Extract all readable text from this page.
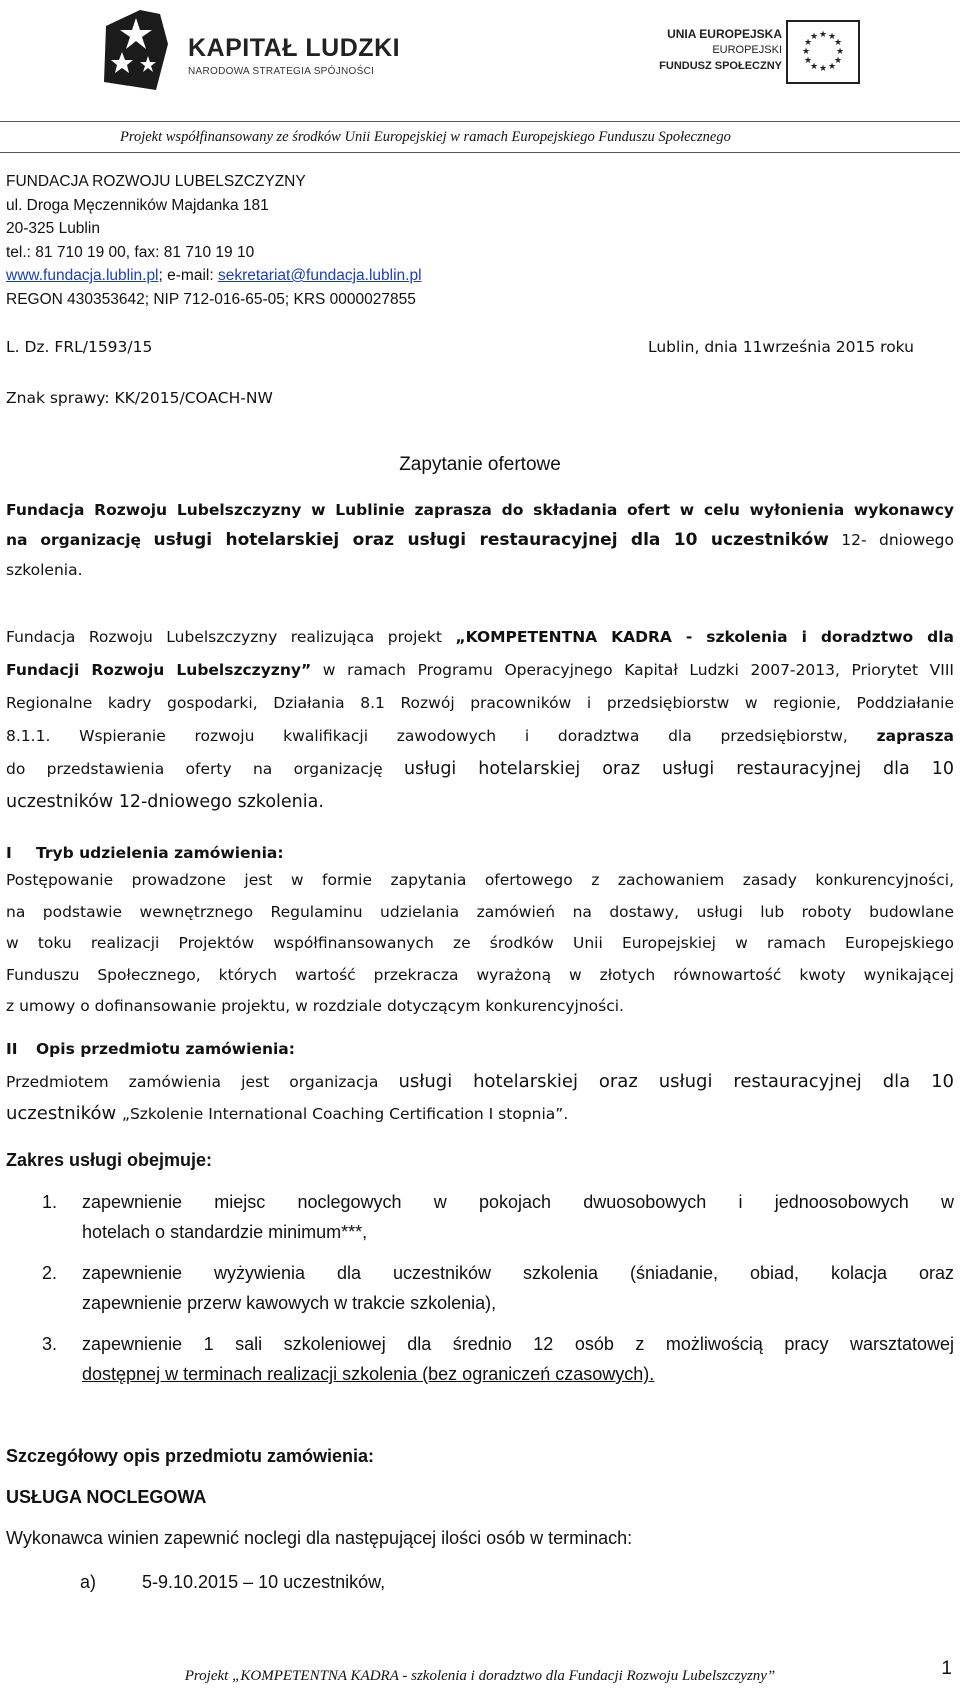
KAPITAŁ LUDZKI
NARODOWA STRATEGIA SPÓJNOŚCI
UNIA EUROPEJSKA
EUROPEJSKI
FUNDUSZ SPOŁECZNY
★ ★
★
★
★
★
★
★
★
★
★
★
Projekt współfinansowany ze środków Unii Europejskiej w ramach Europejskiego Funduszu Społecznego
FUNDACJA ROZWOJU LUBELSZCZYZNY
ul. Droga Męczenników Majdanka 181
20-325 Lublin
tel.: 81 710 19 00, fax: 81 710 19 10
www.fundacja.lublin.pl; e-mail: sekretariat@fundacja.lublin.pl
REGON 430353642; NIP 712-016-65-05; KRS 0000027855
L. Dz. FRL/1593/15	Lublin, dnia 11września 2015 roku
Znak sprawy: KK/2015/COACH-NW
Zapytanie ofertowe
Fundacja Rozwoju Lubelszczyzny w Lublinie zaprasza do składania ofert w celu wyłonienia wykonawcy
na organizację usługi hotelarskiej oraz usługi restauracyjnej dla 10 uczestników 12- dniowego
szkolenia.
Fundacja Rozwoju Lubelszczyzny realizująca projekt „KOMPETENTNA KADRA - szkolenia i doradztwo dla
Fundacji Rozwoju Lubelszczyzny” w ramach Programu Operacyjnego Kapitał Ludzki 2007-2013, Priorytet VIII
Regionalne kadry gospodarki, Działania 8.1 Rozwój pracowników i przedsiębiorstw w regionie, Poddziałanie
8.1.1. Wspieranie rozwoju kwalifikacji zawodowych i doradztwa dla przedsiębiorstw, zaprasza
do przedstawienia oferty na organizację usługi hotelarskiej oraz usługi restauracyjnej dla 10
uczestników 12-dniowego szkolenia.
I Tryb udzielenia zamówienia:
Postępowanie prowadzone jest w formie zapytania ofertowego z zachowaniem zasady konkurencyjności,
na podstawie wewnętrznego Regulaminu udzielania zamówień na dostawy, usługi lub roboty budowlane
w toku realizacji Projektów współfinansowanych ze środków Unii Europejskiej w ramach Europejskiego
Funduszu Społecznego, których wartość przekracza wyrażoną w złotych równowartość kwoty wynikającej
z umowy o dofinansowanie projektu, w rozdziale dotyczącym konkurencyjności.
II Opis przedmiotu zamówienia:
Przedmiotem zamówienia jest organizacja usługi hotelarskiej oraz usługi restauracyjnej dla 10
uczestników „Szkolenie International Coaching Certification I stopnia”.
Zakres usługi obejmuje:
1. zapewnienie miejsc noclegowych w pokojach dwuosobowych i jednoosobowych w
hotelach o standardzie minimum***,
2. zapewnienie wyżywienia dla uczestników szkolenia (śniadanie, obiad, kolacja oraz
zapewnienie przerw kawowych w trakcie szkolenia),
3. zapewnienie 1 sali szkoleniowej dla średnio 12 osób z możliwością pracy warsztatowej
dostępnej w terminach realizacji szkolenia (bez ograniczeń czasowych).
Szczegółowy opis przedmiotu zamówienia:
USŁUGA NOCLEGOWA
Wykonawca winien zapewnić noclegi dla następującej ilości osób w terminach:
a)	5-9.10.2015 – 10 uczestników,
1
Projekt „KOMPETENTNA KADRA - szkolenia i doradztwo dla Fundacji Rozwoju Lubelszczyzny”
